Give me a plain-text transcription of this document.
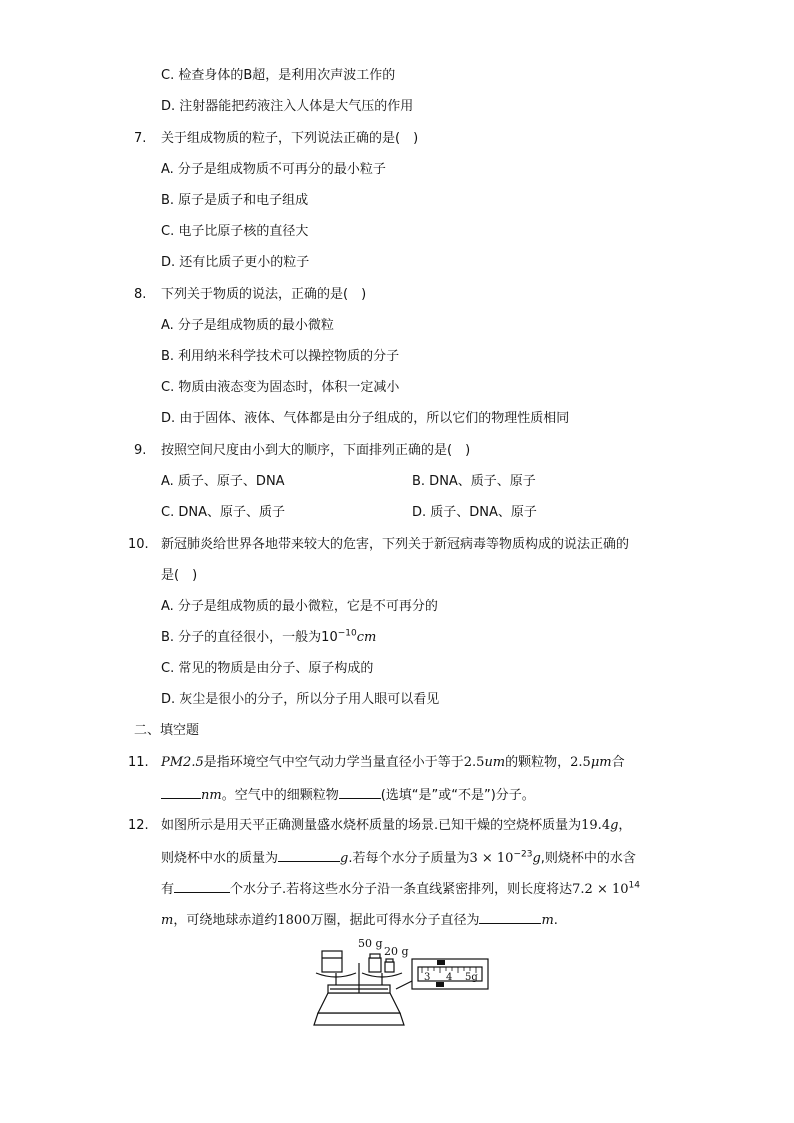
C. 检查身体的B超，是利用次声波工作的
D. 注射器能把药液注入人体是大气压的作用
7. 关于组成物质的粒子，下列说法正确的是(　)
A. 分子是组成物质不可再分的最小粒子
B. 原子是质子和电子组成
C. 电子比原子核的直径大
D. 还有比质子更小的粒子
8. 下列关于物质的说法，正确的是(　)
A. 分子是组成物质的最小微粒
B. 利用纳米科学技术可以操控物质的分子
C. 物质由液态变为固态时，体积一定减小
D. 由于固体、液体、气体都是由分子组成的，所以它们的物理性质相同
9. 按照空间尺度由小到大的顺序，下面排列正确的是(　)
A. 质子、原子、DNA	B. DNA、质子、原子
C. DNA、原子、质子	D. 质子、DNA、原子
10. 新冠肺炎给世界各地带来较大的危害，下列关于新冠病毒等物质构成的说法正确的
是(　)
A. 分子是组成物质的最小微粒，它是不可再分的
B. 分子的直径很小，一般为$10^{-10}cm$
C. 常见的物质是由分子、原子构成的
D. 灰尘是很小的分子，所以分子用人眼可以看见
二、填空题
11. PM2.5是指环境空气中空气动力学当量直径小于等于2.5um的颗粒物，2.5μm合
nm。空气中的细颗粒物	(选填“是”或“不是”)分子。
12. 如图所示是用天平正确测量盛水烧杯质量的场景.已知干燥的空烧杯质量为19.4g，
则烧杯中水的质量为	g.若每个水分子质量为$3 \times 10^{-23}g$,则烧杯中的水含
有	个水分子.若将这些水分子沿一条直线紧密排列，则长度将达$7.2 \times 10^{14}$
m，可绕地球赤道约1800万圈，据此可得水分子直径为	m.
50 g
20 g
3 4 5g
